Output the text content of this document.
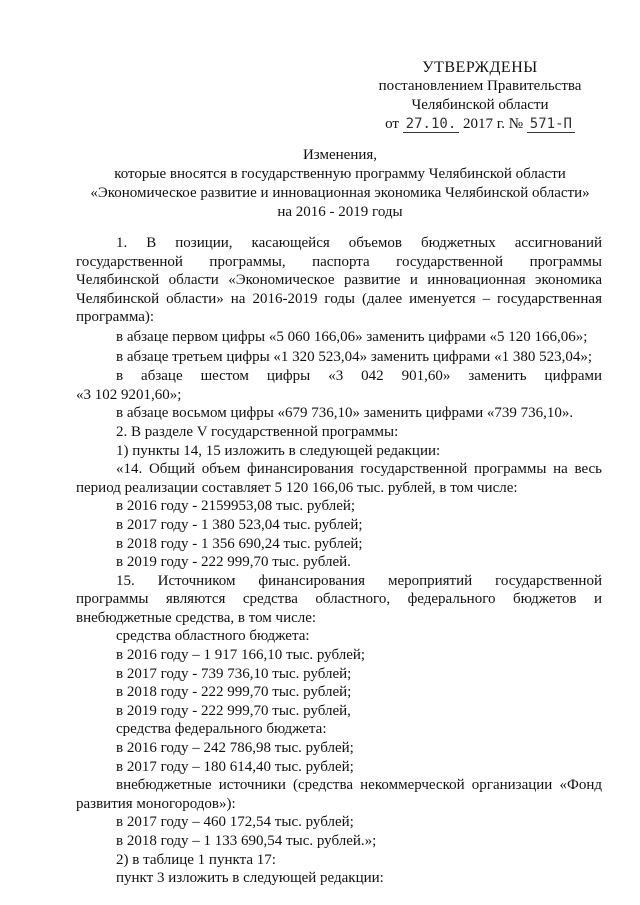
УТВЕРЖДЕНЫ
постановлением Правительства
Челябинской области
от 27.10. 2017 г. № 571-П
Изменения,
которые вносятся в государственную программу Челябинской области
«Экономическое развитие и инновационная экономика Челябинской области»
на 2016 - 2019 годы

1. В позиции, касающейся объемов бюджетных ассигнований

государственной программы, паспорта государственной программы

Челябинской области «Экономическое развитие и инновационная экономика

Челябинской области» на 2016-2019 годы (далее именуется – государственная

программа):

в абзаце первом цифры «5 060 166,06» заменить цифрами «5 120 166,06»;

в абзаце третьем цифры «1 320 523,04» заменить цифрами «1 380 523,04»;

в абзаце шестом цифры «3 042 901,60» заменить цифрами

«3 102 9201,60»;

в абзаце восьмом цифры «679 736,10» заменить цифрами «739 736,10».

2. В разделе V государственной программы:

1) пункты 14, 15 изложить в следующей редакции:

«14. Общий объем финансирования государственной программы на весь

период реализации составляет 5 120 166,06 тыс. рублей, в том числе:

в 2016 году - 2159953,08 тыс. рублей;

в 2017 году - 1 380 523,04 тыс. рублей;

в 2018 году - 1 356 690,24 тыс. рублей;

в 2019 году - 222 999,70 тыс. рублей.

15. Источником финансирования мероприятий государственной

программы являются средства областного, федерального бюджетов и

внебюджетные средства, в том числе:

средства областного бюджета:

в 2016 году – 1 917 166,10 тыс. рублей;

в 2017 году - 739 736,10 тыс. рублей;

в 2018 году - 222 999,70 тыс. рублей;

в 2019 году - 222 999,70 тыс. рублей,

средства федерального бюджета:

в 2016 году – 242 786,98 тыс. рублей;

в 2017 году – 180 614,40 тыс. рублей;

внебюджетные источники (средства некоммерческой организации «Фонд

развития моногородов»):

в 2017 году – 460 172,54 тыс. рублей;

в 2018 году – 1 133 690,54 тыс. рублей.»;

2) в таблице 1 пункта 17:

пункт 3 изложить в следующей редакции:
